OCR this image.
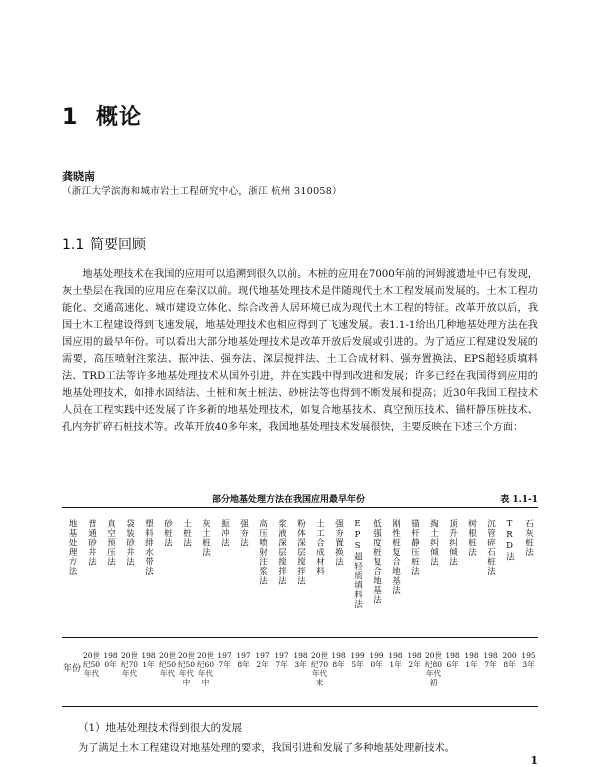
1 概论
龚晓南
（浙江大学滨海和城市岩土工程研究中心，浙江 杭州 310058）
1.1 简要回顾

地基处理技术在我国的应用可以追溯到很久以前。木桩的应用在7000年前的河姆渡遗址中已有发现，灰土垫层在我国的应用应在秦汉以前。现代地基处理技术是伴随现代土木工程发展而发展的。土木工程功能化、交通高速化、城市建设立体化、综合改善人居环境已成为现代土木工程的特征。改革开放以后，我国土木工程建设得到飞速发展，地基处理技术也相应得到了飞速发展。表1.1-1给出几种地基处理方法在我国应用的最早年份。可以看出大部分地基处理技术是改革开放后发展或引进的。为了适应工程建设发展的需要，高压喷射注浆法、振冲法、强夯法、深层搅拌法、土工合成材料、强夯置换法、EPS超轻质填料法、TRD工法等许多地基处理技术从国外引进，并在实践中得到改进和发展；许多已经在我国得到应用的地基处理技术，如排水固结法、土桩和灰土桩法、砂桩法等也得到不断发展和提高；近30年我国工程技术人员在工程实践中还发展了许多新的地基处理技术，如复合地基技术、真空预压技术、锚杆静压桩技术、孔内夯扩碎石桩技术等。改革开放40多年来，我国地基处理技术发展很快，主要反映在下述三个方面：

部分地基处理方法在我国应用最早年份	表 1.1-1
地基处理方法	普通砂井法	真空预压法	袋装砂井法	塑料排水带法	砂桩法	土桩法	灰土桩法	振冲法	强夯法	高压喷射注浆法	浆液深层搅拌法	粉体深层搅拌法	土工合成材料	强夯置换法	EPS超轻质填料法	低强度桩复合地基法	刚性桩复合地基法	锚杆静压桩法	掏土纠倾法	顶升纠倾法	树根桩法	沉管碎石桩法	TRD法	石灰桩法

年份	20世纪50年代	1980年	20世纪70年代	1981年	20世纪50年代	20世纪50年代中	20世纪60年代中	1977年	1978年	1972年	1977年	1983年	20世纪70年代末	1988年	1995年	1990年	1981年	1982年	20世纪80年代初	1986年	1981年	1987年	2008年	1953年
（1）地基处理技术得到很大的发展
为了满足土木工程建设对地基处理的要求，我国引进和发展了多种地基处理新技术。
1
